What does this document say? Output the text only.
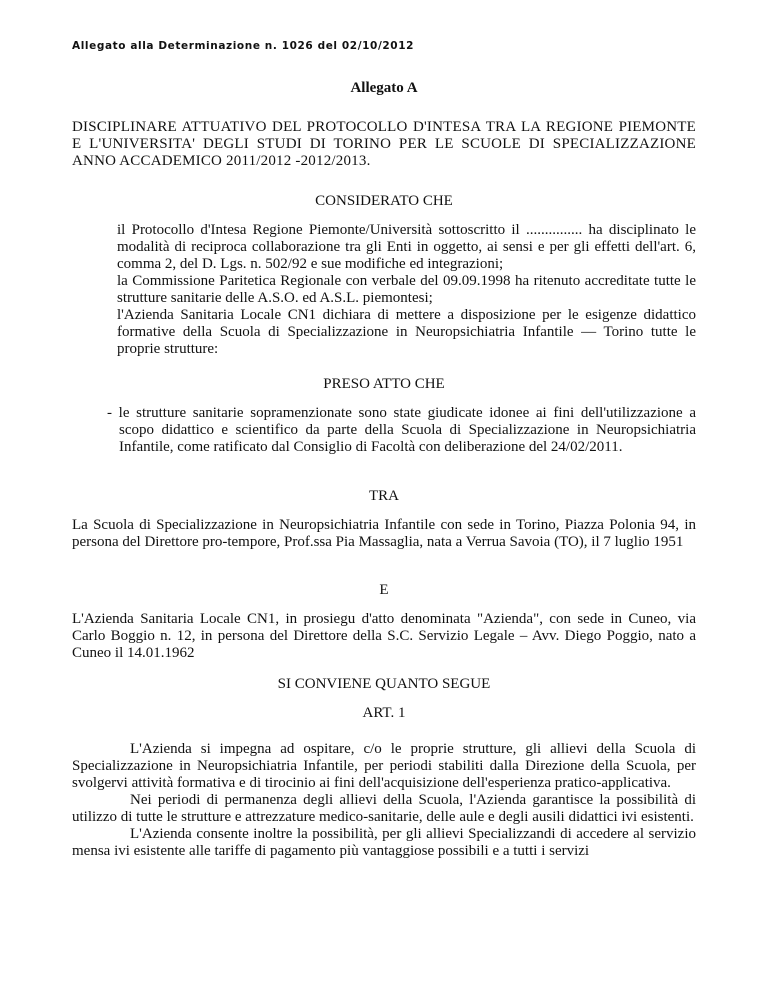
Allegato alla Determinazione n. 1026 del 02/10/2012
Allegato A
DISCIPLINARE ATTUATIVO DEL PROTOCOLLO D'INTESA TRA LA REGIONE PIEMONTE E L'UNIVERSITA' DEGLI STUDI DI TORINO PER LE SCUOLE DI SPECIALIZZAZIONE ANNO ACCADEMICO 2011/2012 -2012/2013.
CONSIDERATO CHE

il Protocollo d'Intesa Regione Piemonte/Università sottoscritto il ............... ha disciplinato le modalità di reciproca collaborazione tra gli Enti in oggetto, ai sensi e per gli effetti dell'art. 6, comma 2, del D. Lgs. n. 502/92 e sue modifiche ed integrazioni;

la Commissione Paritetica Regionale con verbale del 09.09.1998 ha ritenuto accreditate tutte le strutture sanitarie delle A.S.O. ed A.S.L. piemontesi;

l'Azienda Sanitaria Locale CN1 dichiara di mettere a disposizione per le esigenze didattico formative della Scuola di Specializzazione in Neuropsichiatria Infantile — Torino tutte le proprie strutture:

PRESO ATTO CHE

- le strutture sanitarie sopramenzionate sono state giudicate idonee ai fini dell'utilizzazione a scopo didattico e scientifico da parte della Scuola di Specializzazione in Neuropsichiatria Infantile, come ratificato dal Consiglio di Facoltà con deliberazione del 24/02/2011.

TRA
La Scuola di Specializzazione in Neuropsichiatria Infantile con sede in Torino, Piazza Polonia 94, in persona del Direttore pro-tempore, Prof.ssa Pia Massaglia, nata a Verrua Savoia (TO), il 7 luglio 1951
E
L'Azienda Sanitaria Locale CN1, in prosiegu d'atto denominata "Azienda", con sede in Cuneo, via Carlo Boggio n. 12, in persona del Direttore della S.C. Servizio Legale – Avv. Diego Poggio, nato a Cuneo il 14.01.1962
SI CONVIENE QUANTO SEGUE
ART. 1

L'Azienda si impegna ad ospitare, c/o le proprie strutture, gli allievi della Scuola di Specializzazione in Neuropsichiatria Infantile, per periodi stabiliti dalla Direzione della Scuola, per svolgervi attività formativa e di tirocinio ai fini dell'acquisizione dell'esperienza pratico-applicativa.

Nei periodi di permanenza degli allievi della Scuola, l'Azienda garantisce la possibilità di utilizzo di tutte le strutture e attrezzature medico-sanitarie, delle aule e degli ausili didattici ivi esistenti.

L'Azienda consente inoltre la possibilità, per gli allievi Specializzandi di accedere al servizio mensa ivi esistente alle tariffe di pagamento più vantaggiose possibili e a tutti i servizi
